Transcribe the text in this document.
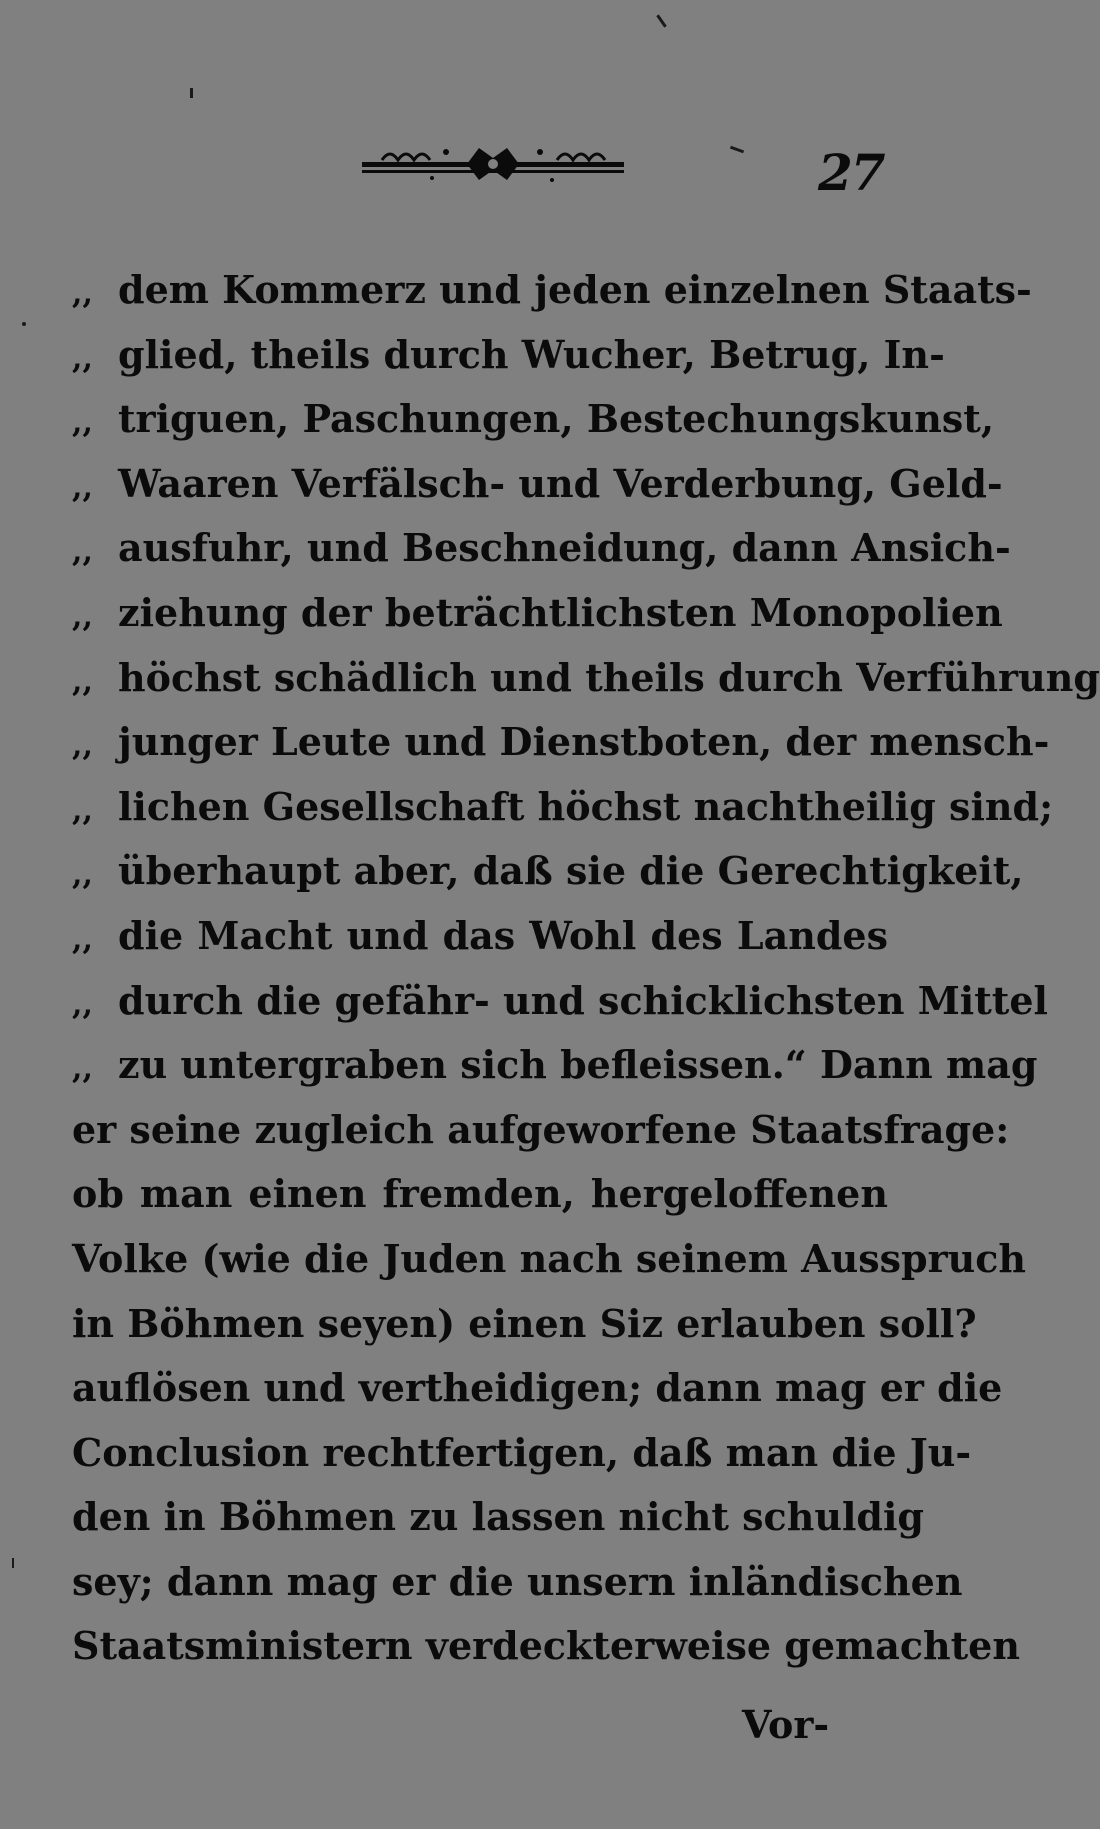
27
,, dem Kommerz und jeden einzelnen Staats-
,, glied, theils durch Wucher, Betrug, In-
,, triguen, Paschungen, Bestechungskunst,
,, Waaren Verfälsch- und Verderbung, Geld-
,, ausfuhr, und Beschneidung, dann Ansich-
,, ziehung der beträchtlichsten Monopolien
,, höchst schädlich und theils durch Verführung
,, junger Leute und Dienstboten, der mensch-
,, lichen Gesellschaft höchst nachtheilig sind;
,, überhaupt aber, daß sie die Gerechtigkeit,
,, die Macht und das Wohl des Landes
,, durch die gefähr- und schicklichsten Mittel
,, zu untergraben sich befleissen.“ Dann mag
er seine zugleich aufgeworfene Staatsfrage:
ob man einen fremden, hergeloffenen
Volke (wie die Juden nach seinem Ausspruch
in Böhmen seyen) einen Siz erlauben soll?
auflösen und vertheidigen; dann mag er die
Conclusion rechtfertigen, daß man die Ju-
den in Böhmen zu lassen nicht schuldig
sey; dann mag er die unsern inländischen
Staatsministern verdeckterweise gemachten
Vor-
